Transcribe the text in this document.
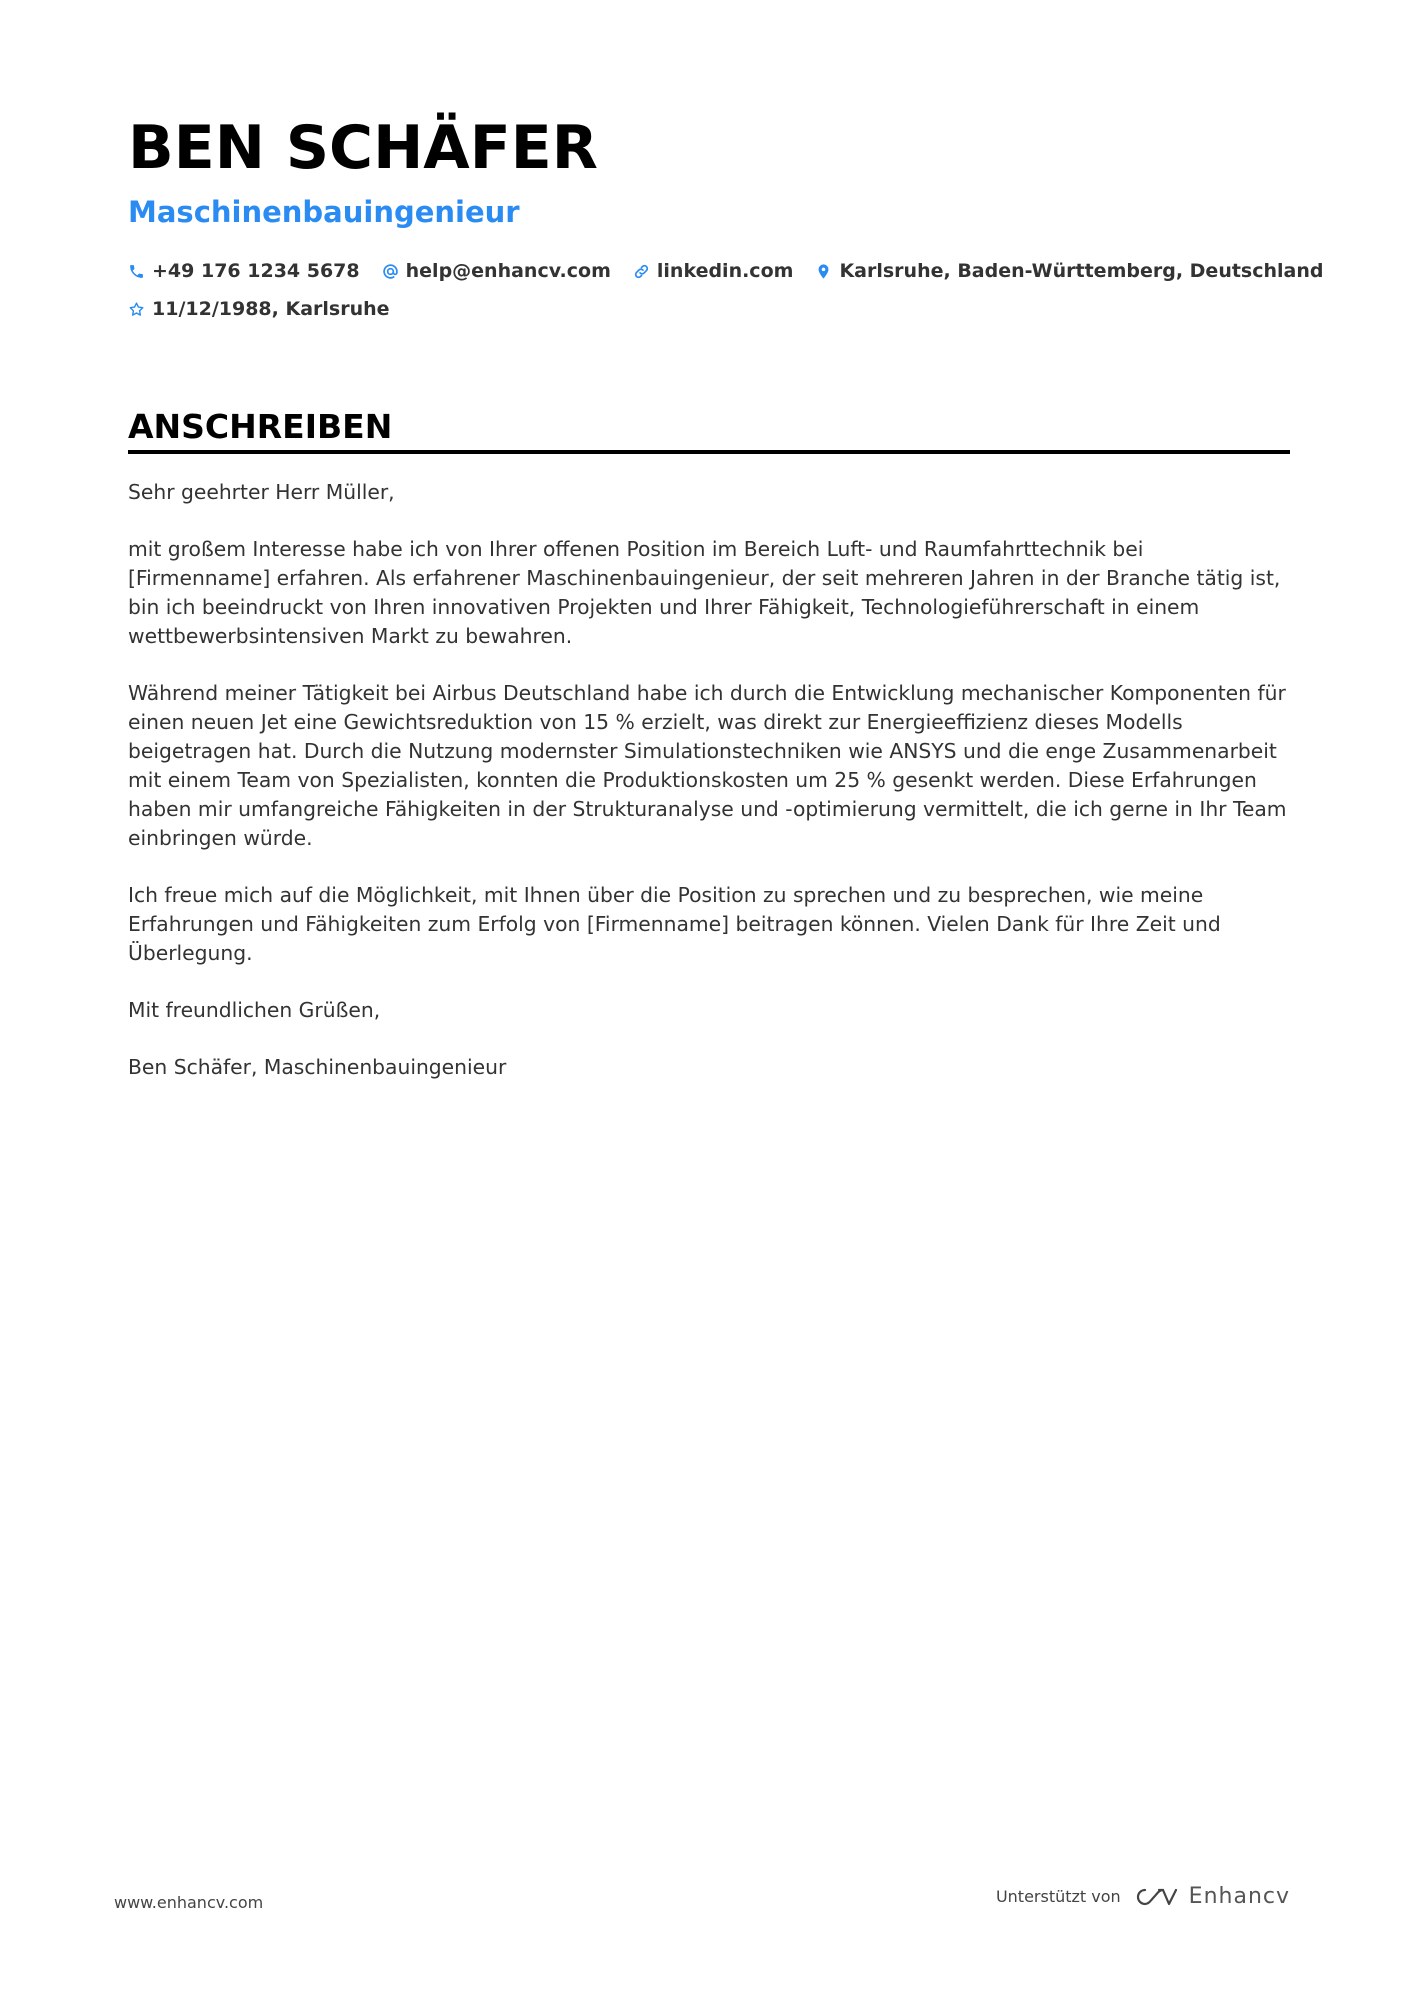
BEN SCHÄFER
Maschinenbauingenieur
+49 176 1234 5678 help@enhancv.com linkedin.com Karlsruhe, Baden-Württemberg, Deutschland
11/12/1988, Karlsruhe
ANSCHREIBEN

Sehr geehrter Herr Müller,

mit großem Interesse habe ich von Ihrer offenen Position im Bereich Luft- und Raumfahrttechnik bei [Firmenname] erfahren. Als erfahrener Maschinenbauingenieur, der seit mehreren Jahren in der Branche tätig ist, bin ich beeindruckt von Ihren innovativen Projekten und Ihrer Fähigkeit, Technologieführerschaft in einem wettbewerbsintensiven Markt zu bewahren.

Während meiner Tätigkeit bei Airbus Deutschland habe ich durch die Entwicklung mechanischer Komponenten für einen neuen Jet eine Gewichtsreduktion von 15 % erzielt, was direkt zur Energieeffizienz dieses Modells beigetragen hat. Durch die Nutzung modernster Simulationstechniken wie ANSYS und die enge Zusammenarbeit mit einem Team von Spezialisten, konnten die Produktionskosten um 25 % gesenkt werden. Diese Erfahrungen haben mir umfangreiche Fähigkeiten in der Strukturanalyse und -optimierung vermittelt, die ich gerne in Ihr Team einbringen würde.

Ich freue mich auf die Möglichkeit, mit Ihnen über die Position zu sprechen und zu besprechen, wie meine Erfahrungen und Fähigkeiten zum Erfolg von [Firmenname] beitragen können. Vielen Dank für Ihre Zeit und Überlegung.

Mit freundlichen Grüßen,

Ben Schäfer, Maschinenbauingenieur

www.enhancv.com	Unterstützt von	Enhancv
